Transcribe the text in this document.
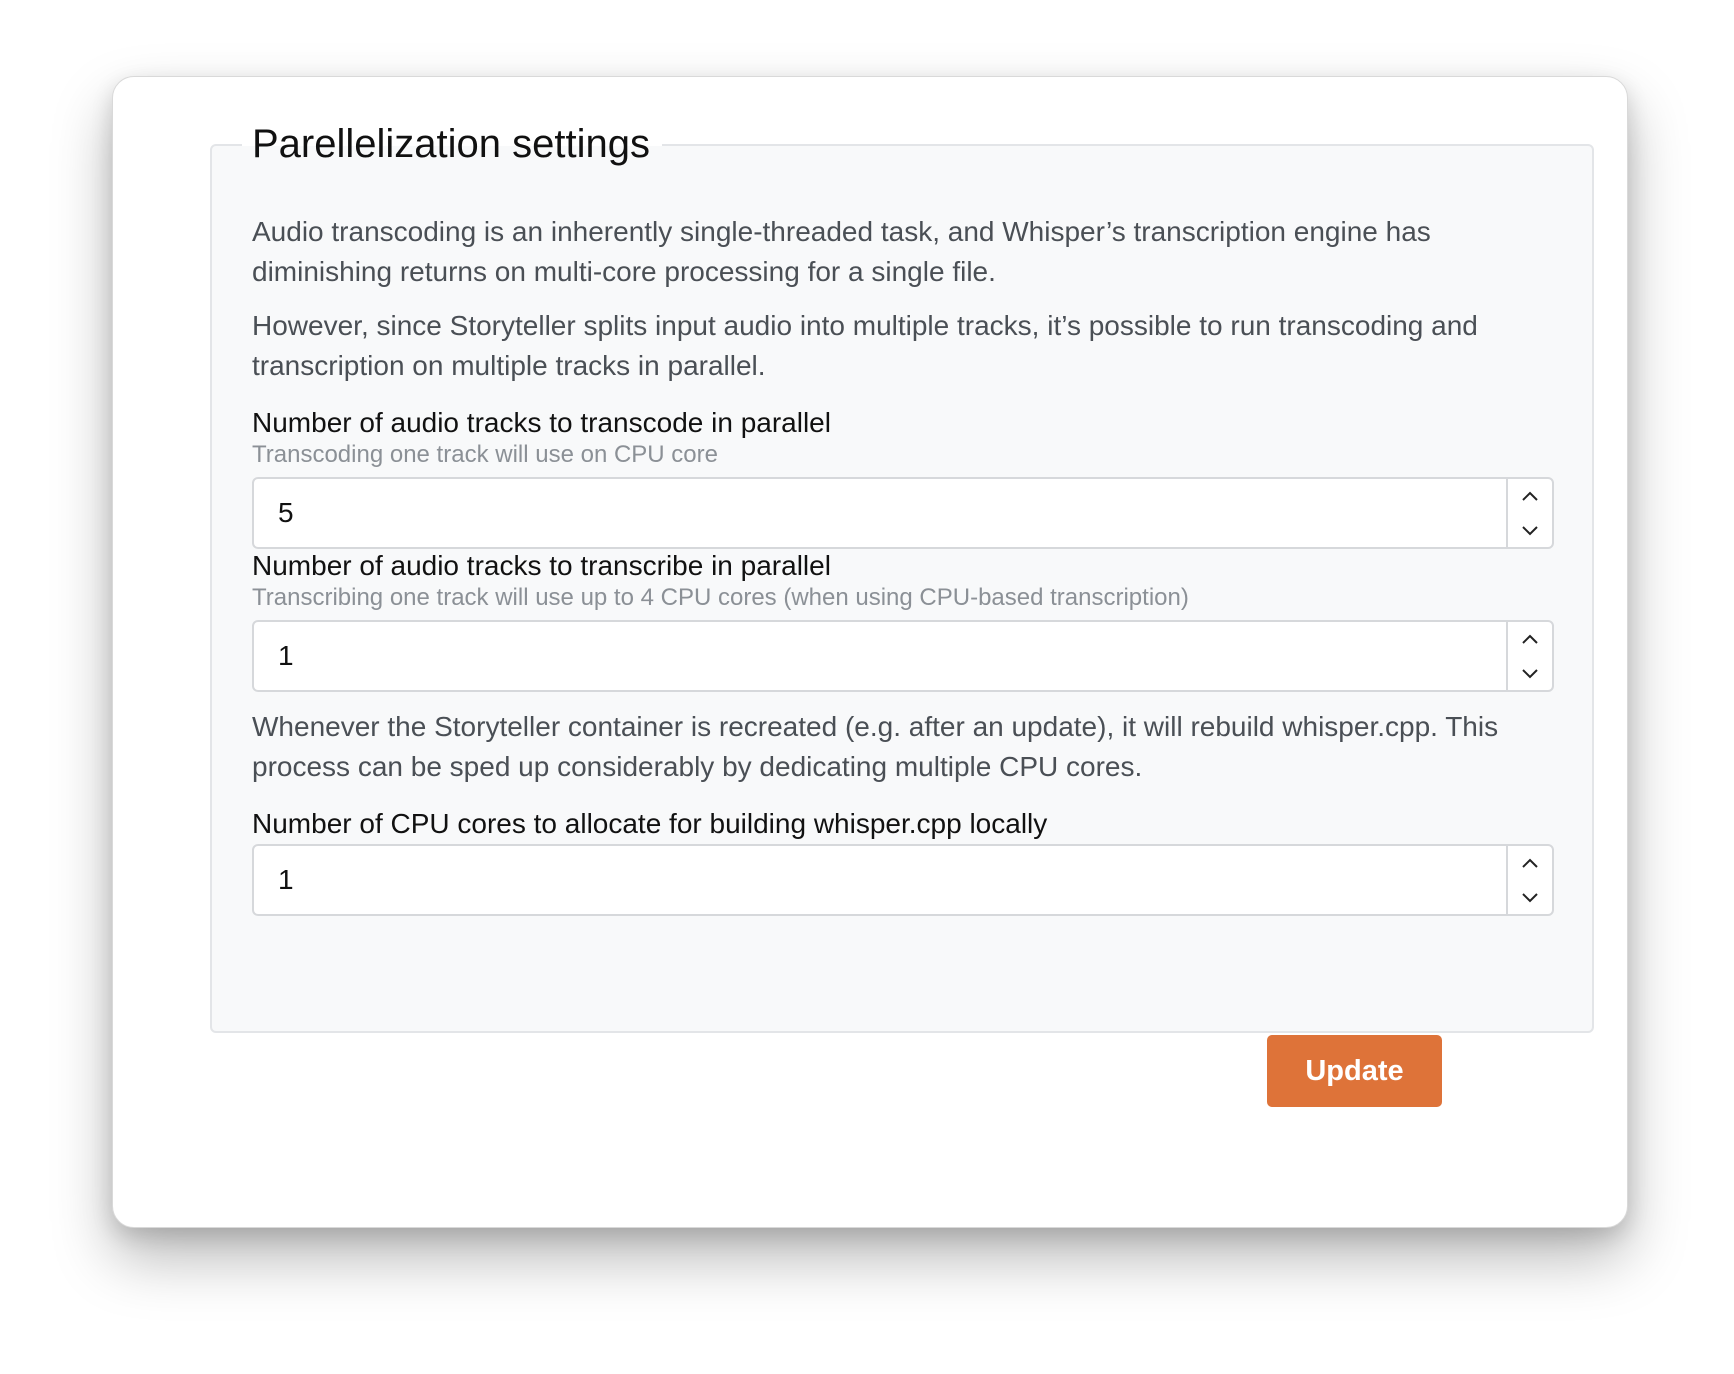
Parellelization settings

Audio transcoding is an inherently single-threaded task, and Whisper’s transcription engine has diminishing returns on multi-core processing for a single file.

However, since Storyteller splits input audio into multiple tracks, it’s possible to run transcoding and transcription on multiple tracks in parallel.

Number of audio tracks to transcode in parallel
Transcoding one track will use on CPU core
5
Number of audio tracks to transcribe in parallel
Transcribing one track will use up to 4 CPU cores (when using CPU-based transcription)
1

Whenever the Storyteller container is recreated (e.g. after an update), it will rebuild whisper.cpp. This process can be sped up considerably by dedicating multiple CPU cores.

Number of CPU cores to allocate for building whisper.cpp locally
1
Update
